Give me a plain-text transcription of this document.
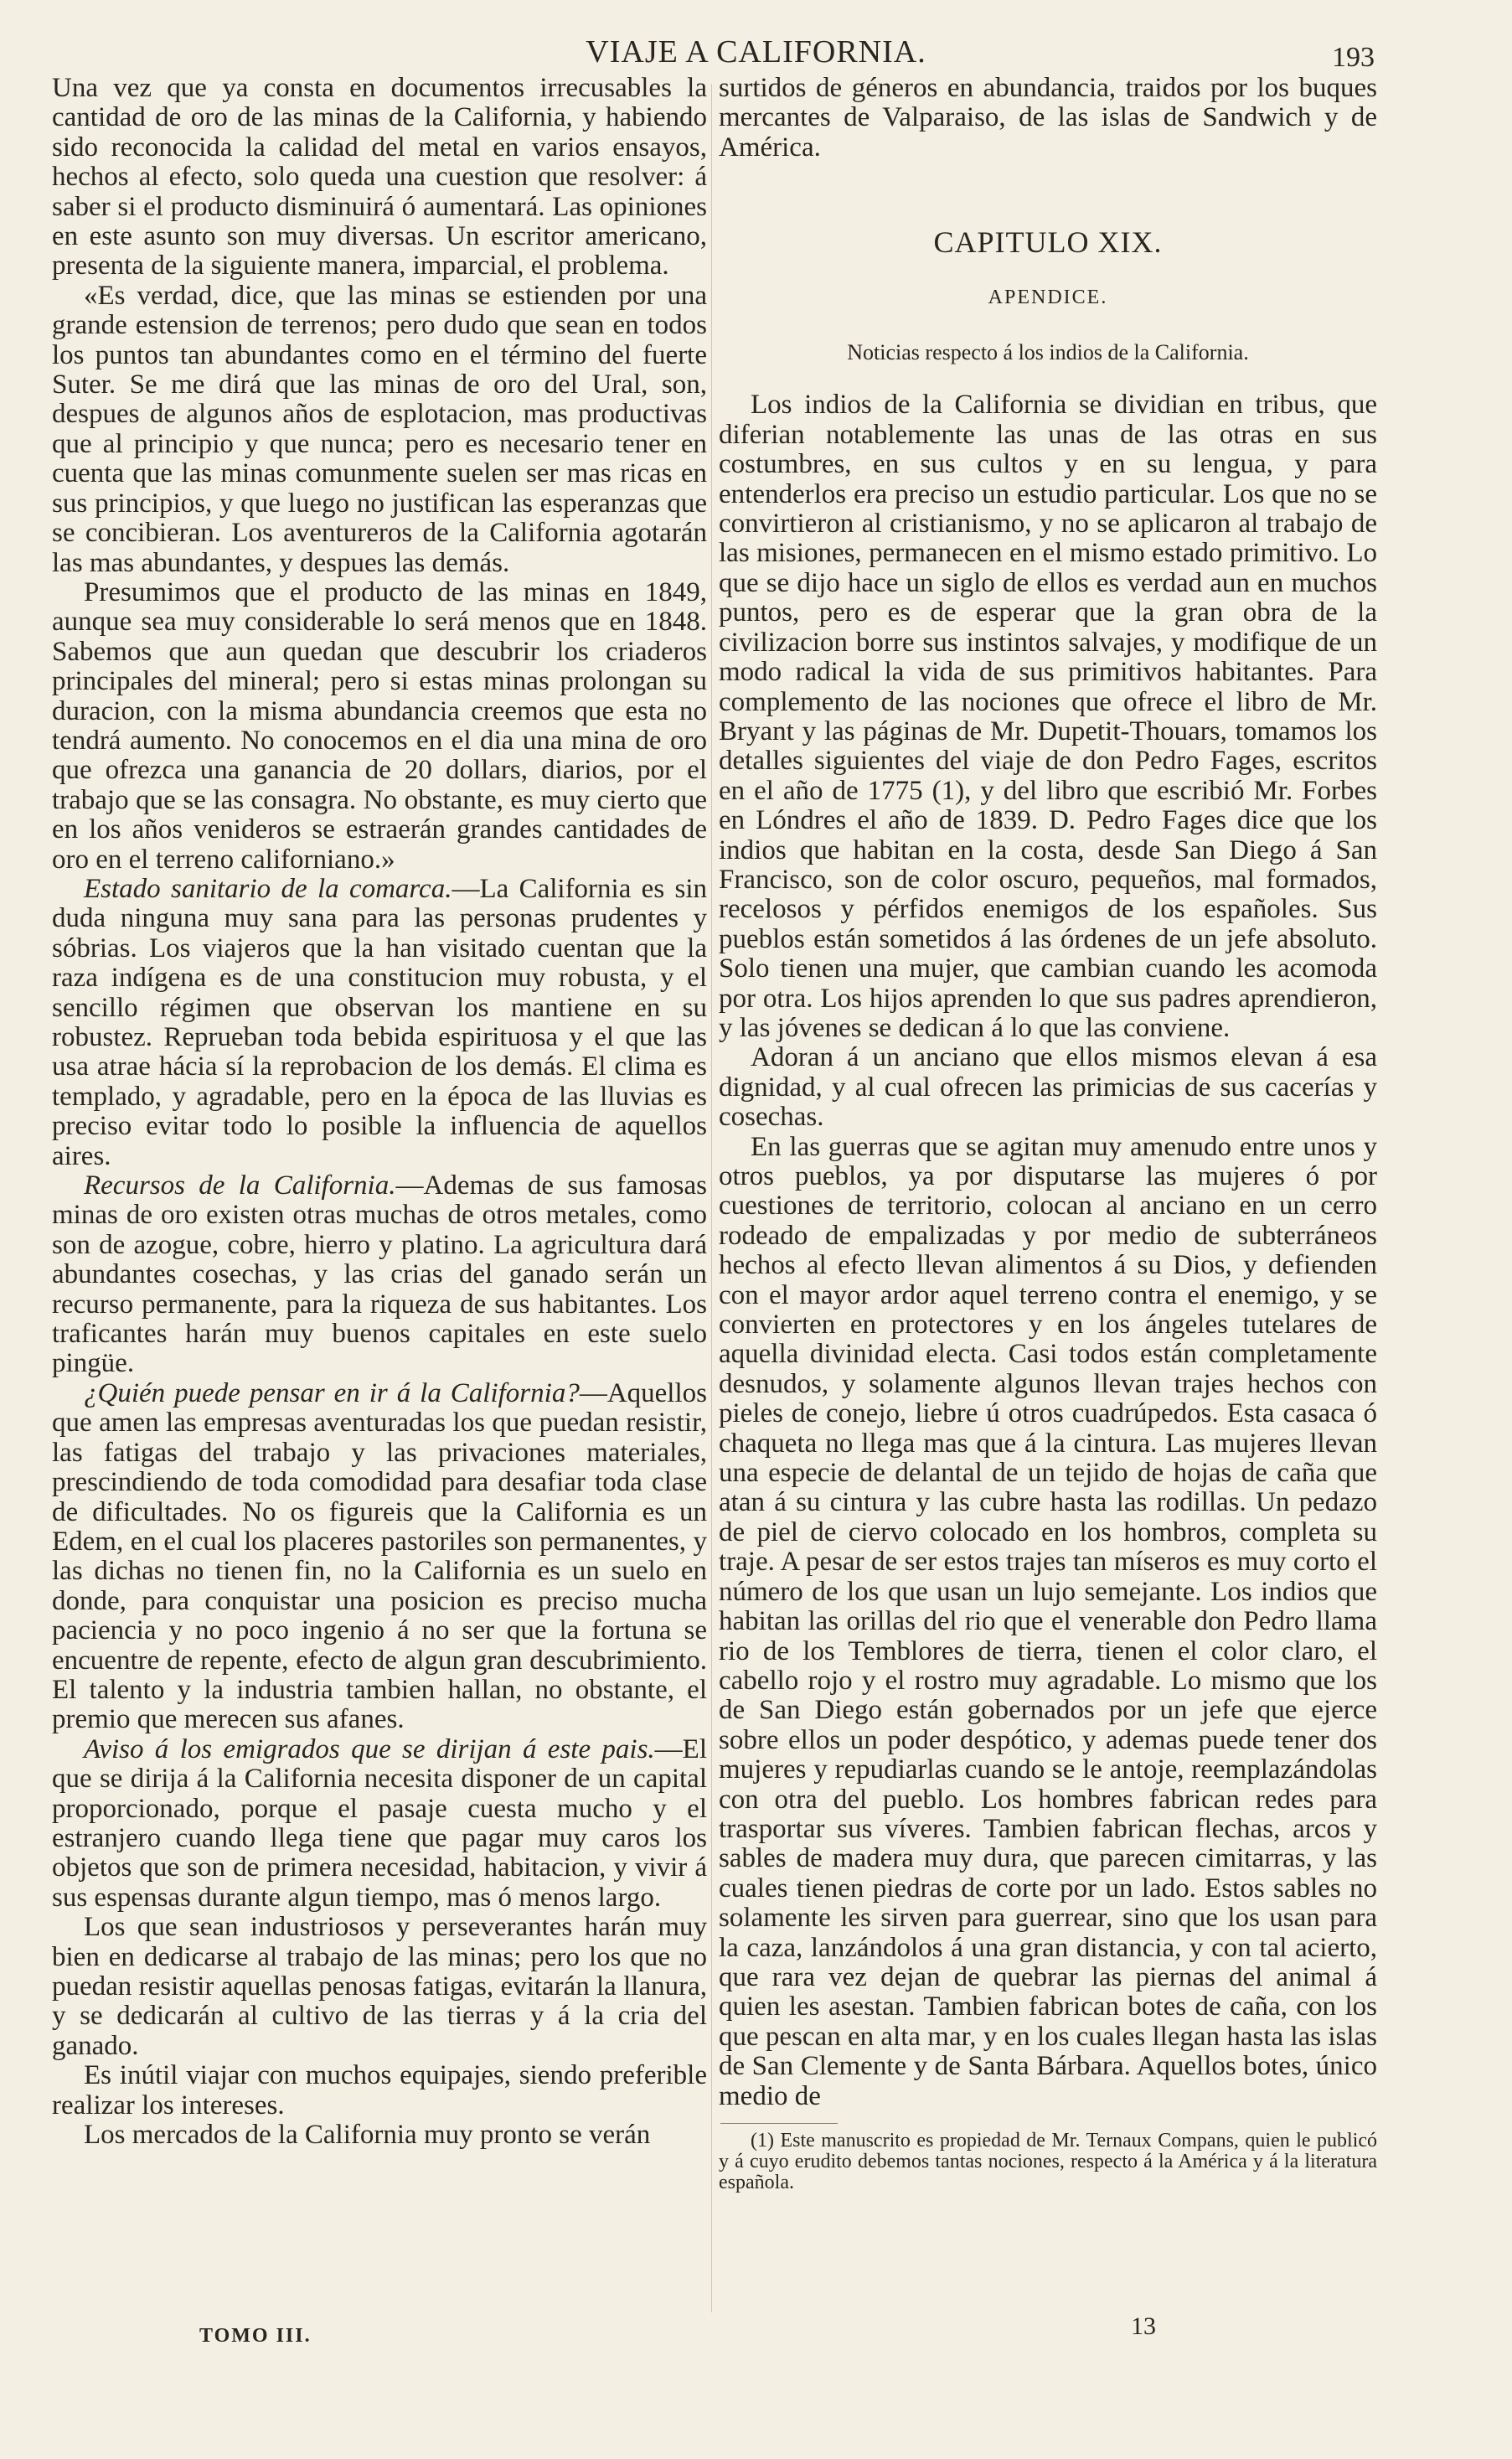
VIAJE A CALIFORNIA.	193

Una vez que ya consta en documentos irrecusables la cantidad de oro de las minas de la California, y habiendo sido reconocida la calidad del metal en varios ensayos, hechos al efecto, solo queda una cuestion que resolver: á saber si el producto disminuirá ó aumentará. Las opiniones en este asunto son muy diversas. Un escritor americano, presenta de la siguiente manera, imparcial, el problema.

«Es verdad, dice, que las minas se estienden por una grande estension de terrenos; pero dudo que sean en todos los puntos tan abundantes como en el término del fuerte Suter. Se me dirá que las minas de oro del Ural, son, despues de algunos años de esplotacion, mas productivas que al principio y que nunca; pero es necesario tener en cuenta que las minas comunmente suelen ser mas ricas en sus principios, y que luego no justifican las esperanzas que se concibieran. Los aventureros de la California agotarán las mas abundantes, y despues las demás.

Presumimos que el producto de las minas en 1849, aunque sea muy considerable lo será menos que en 1848. Sabemos que aun quedan que descubrir los criaderos principales del mineral; pero si estas minas prolongan su duracion, con la misma abundancia creemos que esta no tendrá aumento. No conocemos en el dia una mina de oro que ofrezca una ganancia de 20 dollars, diarios, por el trabajo que se las consagra. No obstante, es muy cierto que en los años venideros se estraerán grandes cantidades de oro en el terreno californiano.»

Estado sanitario de la comarca.—La California es sin duda ninguna muy sana para las personas prudentes y sóbrias. Los viajeros que la han visitado cuentan que la raza indígena es de una constitucion muy robusta, y el sencillo régimen que observan los mantiene en su robustez. Reprueban toda bebida espirituosa y el que las usa atrae hácia sí la reprobacion de los demás. El clima es templado, y agradable, pero en la época de las lluvias es preciso evitar todo lo posible la influencia de aquellos aires.

Recursos de la California.—Ademas de sus famosas minas de oro existen otras muchas de otros metales, como son de azogue, cobre, hierro y platino. La agricultura dará abundantes cosechas, y las crias del ganado serán un recurso permanente, para la riqueza de sus habitantes. Los traficantes harán muy buenos capitales en este suelo pingüe.

¿Quién puede pensar en ir á la California?—Aquellos que amen las empresas aventuradas los que puedan resistir, las fatigas del trabajo y las privaciones materiales, prescindiendo de toda comodidad para desafiar toda clase de dificultades. No os figureis que la California es un Edem, en el cual los placeres pastoriles son permanentes, y las dichas no tienen fin, no la California es un suelo en donde, para conquistar una posicion es preciso mucha paciencia y no poco ingenio á no ser que la fortuna se encuentre de repente, efecto de algun gran descubrimiento. El talento y la industria tambien hallan, no obstante, el premio que merecen sus afanes.

Aviso á los emigrados que se dirijan á este pais.—El que se dirija á la California necesita disponer de un capital proporcionado, porque el pasaje cuesta mucho y el estranjero cuando llega tiene que pagar muy caros los objetos que son de primera necesidad, habitacion, y vivir á sus espensas durante algun tiempo, mas ó menos largo.

Los que sean industriosos y perseverantes harán muy bien en dedicarse al trabajo de las minas; pero los que no puedan resistir aquellas penosas fatigas, evitarán la llanura, y se dedicarán al cultivo de las tierras y á la cria del ganado.

Es inútil viajar con muchos equipajes, siendo preferible realizar los intereses.

Los mercados de la California muy pronto se verán

surtidos de géneros en abundancia, traidos por los buques mercantes de Valparaiso, de las islas de Sandwich y de América.

CAPITULO XIX.
APENDICE.
Noticias respecto á los indios de la California.

Los indios de la California se dividian en tribus, que diferian notablemente las unas de las otras en sus costumbres, en sus cultos y en su lengua, y para entenderlos era preciso un estudio particular. Los que no se convirtieron al cristianismo, y no se aplicaron al trabajo de las misiones, permanecen en el mismo estado primitivo. Lo que se dijo hace un siglo de ellos es verdad aun en muchos puntos, pero es de esperar que la gran obra de la civilizacion borre sus instintos salvajes, y modifique de un modo radical la vida de sus primitivos habitantes. Para complemento de las nociones que ofrece el libro de Mr. Bryant y las páginas de Mr. Dupetit-Thouars, tomamos los detalles siguientes del viaje de don Pedro Fages, escritos en el año de 1775 (1), y del libro que escribió Mr. Forbes en Lóndres el año de 1839. D. Pedro Fages dice que los indios que habitan en la costa, desde San Diego á San Francisco, son de color oscuro, pequeños, mal formados, recelosos y pérfidos enemigos de los españoles. Sus pueblos están sometidos á las órdenes de un jefe absoluto. Solo tienen una mujer, que cambian cuando les acomoda por otra. Los hijos aprenden lo que sus padres aprendieron, y las jóvenes se dedican á lo que las conviene.

Adoran á un anciano que ellos mismos elevan á esa dignidad, y al cual ofrecen las primicias de sus cacerías y cosechas.

En las guerras que se agitan muy amenudo entre unos y otros pueblos, ya por disputarse las mujeres ó por cuestiones de territorio, colocan al anciano en un cerro rodeado de empalizadas y por medio de subterráneos hechos al efecto llevan alimentos á su Dios, y defienden con el mayor ardor aquel terreno contra el enemigo, y se convierten en protectores y en los ángeles tutelares de aquella divinidad electa. Casi todos están completamente desnudos, y solamente algunos llevan trajes hechos con pieles de conejo, liebre ú otros cuadrúpedos. Esta casaca ó chaqueta no llega mas que á la cintura. Las mujeres llevan una especie de delantal de un tejido de hojas de caña que atan á su cintura y las cubre hasta las rodillas. Un pedazo de piel de ciervo colocado en los hombros, completa su traje. A pesar de ser estos trajes tan míseros es muy corto el número de los que usan un lujo semejante. Los indios que habitan las orillas del rio que el venerable don Pedro llama rio de los Temblores de tierra, tienen el color claro, el cabello rojo y el rostro muy agradable. Lo mismo que los de San Diego están gobernados por un jefe que ejerce sobre ellos un poder despótico, y ademas puede tener dos mujeres y repudiarlas cuando se le antoje, reemplazándolas con otra del pueblo. Los hombres fabrican redes para trasportar sus víveres. Tambien fabrican flechas, arcos y sables de madera muy dura, que parecen cimitarras, y las cuales tienen piedras de corte por un lado. Estos sables no solamente les sirven para guerrear, sino que los usan para la caza, lanzándolos á una gran distancia, y con tal acierto, que rara vez dejan de quebrar las piernas del animal á quien les asestan. Tambien fabrican botes de caña, con los que pescan en alta mar, y en los cuales llegan hasta las islas de San Clemente y de Santa Bárbara. Aquellos botes, único medio de

(1) Este manuscrito es propiedad de Mr. Ternaux Compans, quien le publicó y á cuyo erudito debemos tantas nociones, respecto á la América y á la literatura española.

TOMO III.	13
